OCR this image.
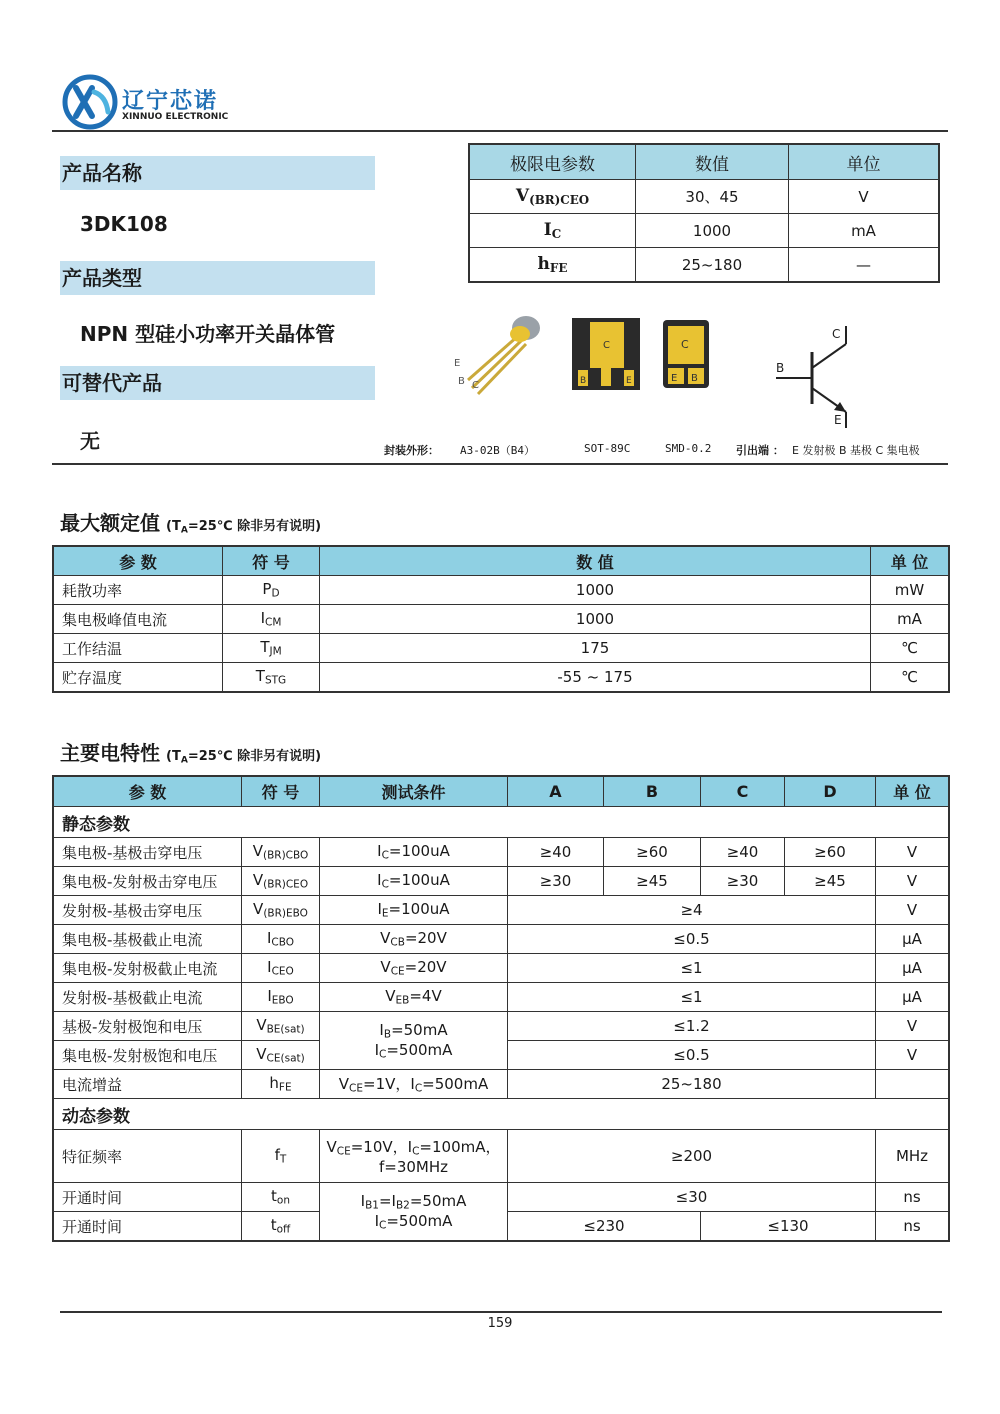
辽宁芯诺
XINNUO ELECTRONIC
产品名称
3DK108
产品类型
NPN 型硅小功率开关晶体管
可替代产品
无
极限电参数	数值	单位
$V_{(BR)CEO}$	30、45	V
$I_C$	1000	mA
$h_{FE}$	25~180	—
E
B C
C
B	E
C
E B
C
B
E
封装外形： A3-02B（B4）	SOT-89C	SMD-0.2 引出端 ： E 发射极 B 基极 C 集电极
最大额定值 ($T_A=25℃$ 除非另有说明)
参 数	符 号	数 值	单 位
耗散功率	$P_D$	1000	mW
集电极峰值电流	$I_{CM}$	1000	mA
工作结温	$T_{JM}$	175	℃
贮存温度	$T_{STG}$	-55 ~ 175	℃
主要电特性 ($T_A=25℃$ 除非另有说明)
参 数	符 号	测试条件	A	B	C	D	单 位
静态参数							
集电极-基极击穿电压	$V_{(BR)CBO}$	$I_C=100uA$	≥40	≥60	≥40	≥60	V
集电极-发射极击穿电压	$V_{(BR)CEO}$	$I_C=100uA$	≥30	≥45	≥30	≥45	V
发射极-基极击穿电压	$V_{(BR)EBO}$	$I_E=100uA$	≥4				V
集电极-基极截止电流	$I_{CBO}$	$V_{CB}=20V$	≤0.5				μA
集电极-发射极截止电流	$I_{CEO}$	$V_{CE}=20V$	≤1				μA
发射极-基极截止电流	$I_{EBO}$	$V_{EB}=4V$	≤1				μA
基极-发射极饱和电压	$V_{BE(sat)}$	$I_B=50mA$
$I_C=500mA$	≤1.2				V
集电极-发射极饱和电压	$V_{CE(sat)}$		≤0.5				V
电流增益	$h_{FE}$	$V_{CE}=1V$，$I_C=500mA$	25~180				
动态参数							
特征频率	$f_T$	$V_{CE}=10V$，$I_C=100mA$，
f=30MHz	≥200				MHz
开通时间	$t_{on}$	$I_{B1}=I_{B2}=50mA$
$I_C=500mA$	≤30				ns
开通时间	$t_{off}$		≤230		≤130		ns
159
